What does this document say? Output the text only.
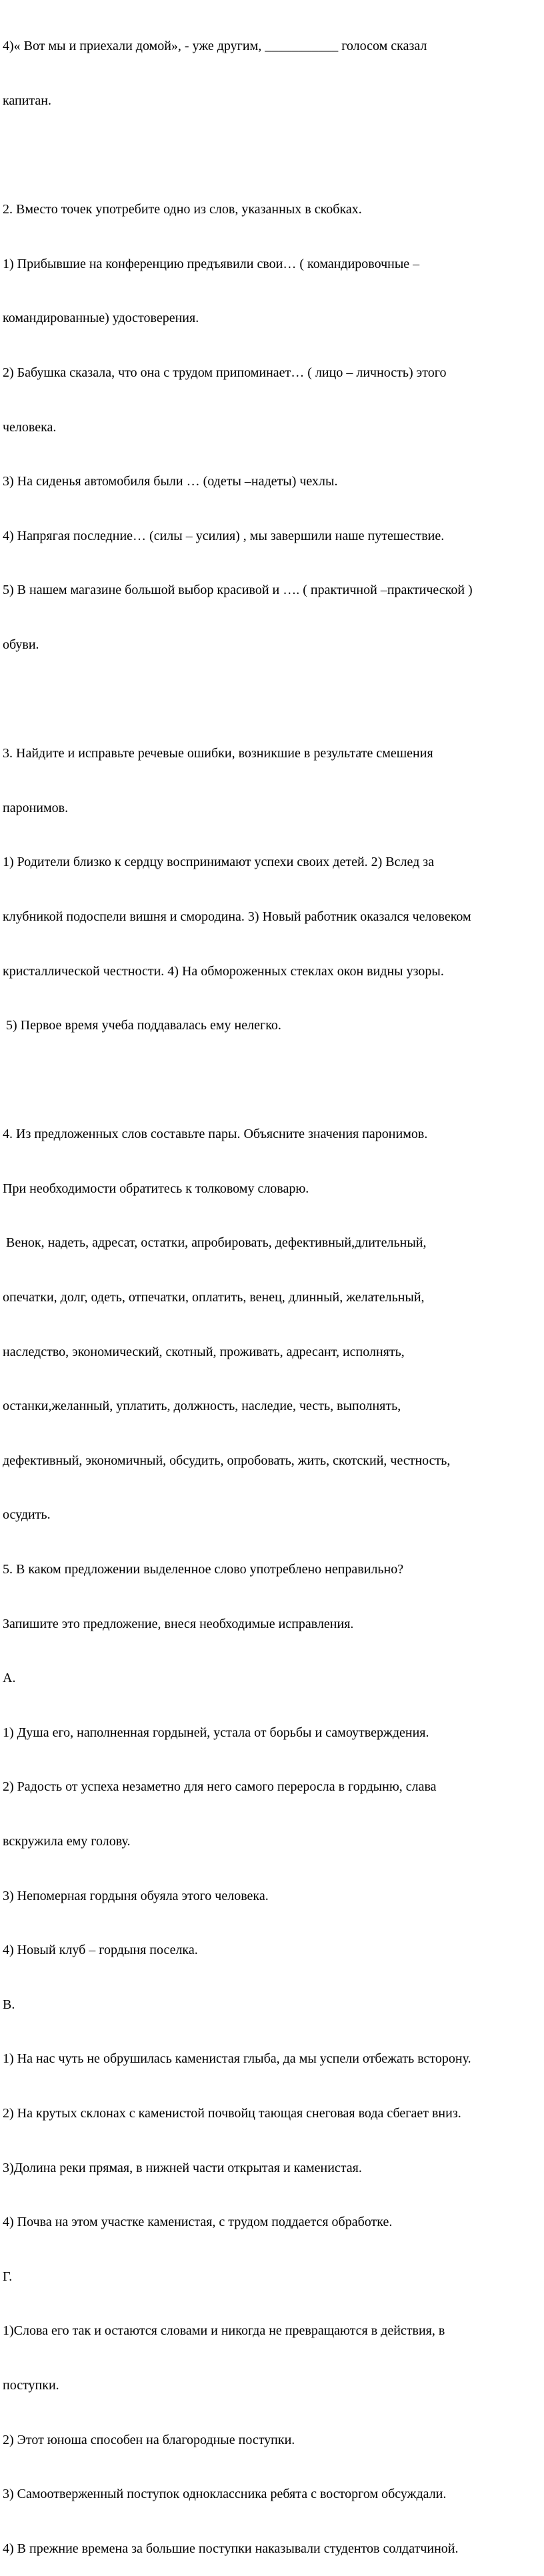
4)« Вот мы и приехали домой», - уже другим, ___________ голосом сказал

капитан.

2. Вместо точек употребите одно из слов, указанных в скобках.

1) Прибывшие на конференцию предъявили свои… ( командировочные –

командированные) удостоверения.

2) Бабушка сказала, что она с трудом припоминает… ( лицо – личность) этого

человека.

3) На сиденья автомобиля были … (одеты –надеты) чехлы.

4) Напрягая последние… (силы – усилия) , мы завершили наше путешествие.

5) В нашем магазине большой выбор красивой и …. ( практичной –практической )

обуви.

3. Найдите и исправьте речевые ошибки, возникшие в результате смешения

паронимов.

1) Родители близко к сердцу воспринимают успехи своих детей. 2) Вслед за

клубникой подоспели вишня и смородина. 3) Новый работник оказался человеком

кристаллической честности. 4) На обмороженных стеклах окон видны узоры.

5) Первое время учеба поддавалась ему нелегко.

4. Из предложенных слов составьте пары. Объясните значения паронимов.

При необходимости обратитесь к толковому словарю.

Венок, надеть, адресат, остатки, апробировать, дефективный,длительный,

опечатки, долг, одеть, отпечатки, оплатить, венец, длинный, желательный,

наследство, экономический, скотный, проживать, адресант, исполнять,

останки,желанный, уплатить, должность, наследие, честь, выполнять,

дефективный, экономичный, обсудить, опробовать, жить, скотский, честность,

осудить.

5. В каком предложении выделенное слово употреблено неправильно?

Запишите это предложение, внеся необходимые исправления.

А.

1) Душа его, наполненная гордыней, устала от борьбы и самоутверждения.

2) Радость от успеха незаметно для него самого переросла в гордыню, слава

вскружила ему голову.

3) Непомерная гордыня обуяла этого человека.

4) Новый клуб – гордыня поселка.

В.

1) На нас чуть не обрушилась каменистая глыба, да мы успели отбежать всторону.

2) На крутых склонах с каменистой почвойц тающая снеговая вода сбегает вниз.

3)Долина реки прямая, в нижней части открытая и каменистая.

4) Почва на этом участке каменистая, с трудом поддается обработке.

Г.

1)Слова его так и остаются словами и никогда не превращаются в действия, в

поступки.

2) Этот юноша способен на благородные поступки.

3) Самоотверженный поступок одноклассника ребята с восторгом обсуждали.

4) В прежние времена за большие поступки наказывали студентов солдатчиной.
